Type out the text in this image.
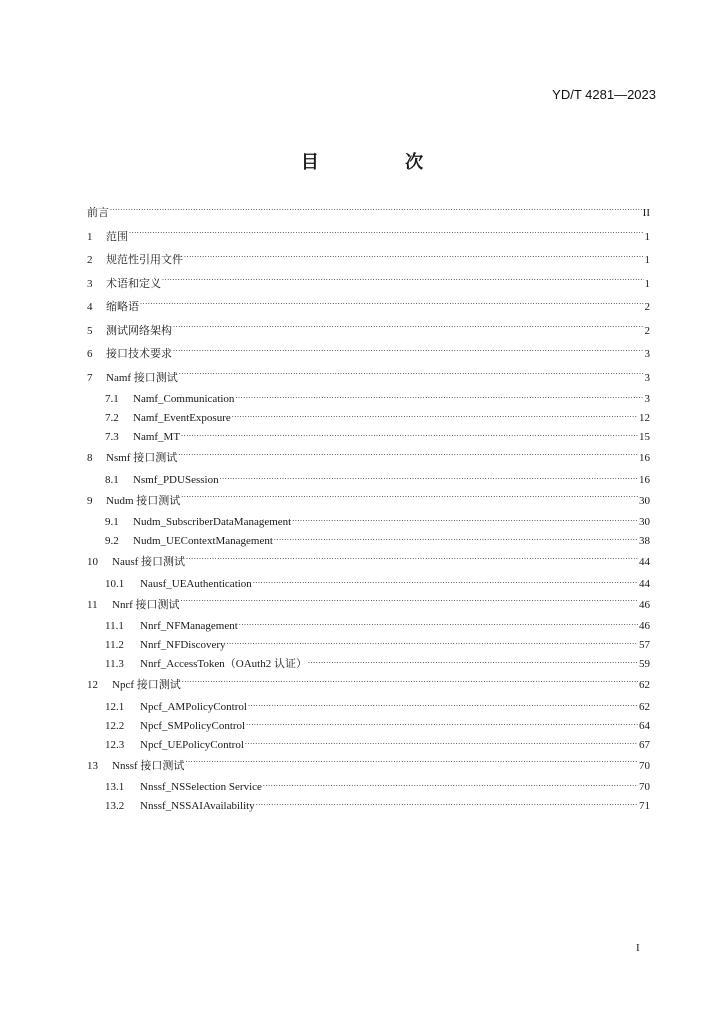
YD/T 4281—2023
目 次
前言 .....	II
1	范围 .....	1
2	规范性引用文件 .....	1
3	术语和定义 .....	1
4	缩略语 .....	2
5	测试网络架构 .....	2
6	接口技术要求 .....	3
7	Namf 接口测试 .....	3
7.1	Namf_Communication .....	3
7.2	Namf_EventExposure .....	12
7.3	Namf_MT .....	15
8	Nsmf 接口测试 .....	16
8.1	Nsmf_PDUSession .....	16
9	Nudm 接口测试 .....	30
9.1	Nudm_SubscriberDataManagement .....	30
9.2	Nudm_UEContextManagement .....	38
10	Nausf 接口测试 .....	44
10.1	Nausf_UEAuthentication .....	44
11	Nnrf 接口测试 .....	46
11.1	Nnrf_NFManagement .....	46
11.2	Nnrf_NFDiscovery .....	57
11.3	Nnrf_AccessToken（OAuth2 认证） .....	59
12	Npcf 接口测试 .....	62
12.1	Npcf_AMPolicyControl .....	62
12.2	Npcf_SMPolicyControl .....	64
12.3	Npcf_UEPolicyControl .....	67
13	Nnssf 接口测试 .....	70
13.1	Nnssf_NSSelection Service .....	70
13.2	Nnssf_NSSAIAvailability .....	71
I
